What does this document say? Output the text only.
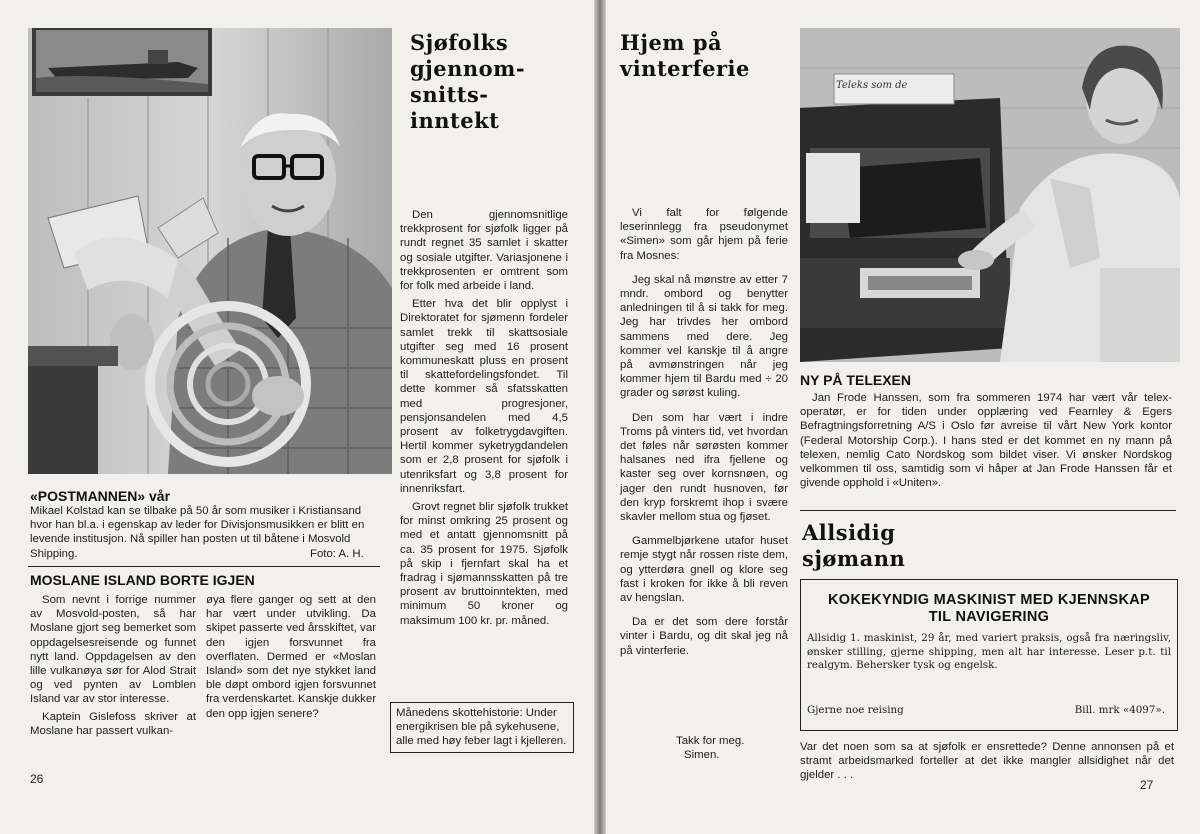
Sjøfolks gjennom-snitts-inntekt

Den gjennomsnitlige trekkprosent for sjøfolk ligger på rundt regnet 35 samlet i skatter og sosiale utgifter. Variasjonene i trekkprosenten er omtrent som for folk med arbeide i land.

Etter hva det blir opplyst i Direktoratet for sjømenn fordeler samlet trekk til skattsosiale utgifter seg med 16 prosent kommuneskatt pluss en prosent til skattefordelingsfondet. Til dette kommer så sfatsskatten med progresjoner, pensjonsandelen med 4,5 prosent av folketrygdavgiften. Hertil kommer syketrygdandelen som er 2,8 prosent for sjøfolk i utenriksfart og 3,8 prosent for innenriksfart.

Grovt regnet blir sjøfolk trukket for minst omkring 25 prosent og med et antatt gjennomsnitt på ca. 35 prosent for 1975. Sjøfolk på skip i fjernfart skal ha et fradrag i sjømannsskatten på tre prosent av bruttoinntekten, med minimum 50 kroner og maksimum 100 kr. pr. måned.

Månedens skottehistorie: Under energikrisen ble på sykehusene, alle med høy feber lagt i kjelleren.
«POSTMANNEN» vår
Mikael Kolstad kan se tilbake på 50 år som musiker i Kristiansand hvor han bl.a. i egenskap av leder for Divisjonsmusikken er blitt en levende institusjon. Nå spiller han posten ut til båtene i Mosvold Shipping.	Foto: A. H.
MOSLANE ISLAND BORTE IGJEN

Som nevnt i forrige nummer av Mosvold-posten, så har Moslane gjort seg bemerket som oppdagelsesreisende og funnet nytt land. Oppdagelsen av den lille vulkanøya sør for Alod Strait og ved pynten av Lomblen Island var av stor interesse.

Kaptein Gislefoss skriver at Moslane har passert vulkan-

øya flere ganger og sett at den har vært under utvikling. Da skipet passerte ved årsskiftet, var den igjen forsvunnet fra overflaten. Dermed er «Moslan Island» som det nye stykket land ble døpt ombord igjen forsvunnet fra verdenskartet. Kanskje dukker den opp igjen senere?
26
Hjem på vinterferie

Vi falt for følgende leserinnlegg fra pseudonymet «Simen» som går hjem på ferie fra Mosnes:

Jeg skal nå mønstre av etter 7 mndr. ombord og benytter anledningen til å si takk for meg. Jeg har trivdes her ombord sammens med dere. Jeg kommer vel kanskje til å angre på avmønstringen når jeg kommer hjem til Bardu med ÷ 20 grader og sørøst kuling.

Den som har vært i indre Troms på vinters tid, vet hvordan det føles når sørøsten kommer halsanes ned ifra fjellene og kaster seg over kornsnøen, og jager den rundt husnoven, før den kryp forskremt ihop i svære skavler mellom stua og fjøset.

Gammelbjørkene utafor huset remje stygt når rossen riste dem, og ytterdøra gnell og klore seg fast i kroken for ikke å bli reven av hengslan.

Da er det som dere forstår vinter i Bardu, og dit skal jeg nå på vinterferie.

Takk for meg.

Simen.

Teleks som de
NY PÅ TELEXEN
Jan Frode Hanssen, som fra sommeren 1974 har vært vår telex-operatør, er for tiden under opplæring ved Fearnley & Egers Befragtningsforretning A/S i Oslo før avreise til vårt New York kontor (Federal Motorship Corp.). I hans sted er det kommet en ny mann på telexen, nemlig Cato Nordskog som bildet viser. Vi ønsker Nordskog velkommen til oss, samtidig som vi håper at Jan Frode Hanssen får et givende opphold i «Uniten».
Allsidig sjømann
KOKEKYNDIG MASKINIST MED KJENNSKAP TIL NAVIGERING
Allsidig 1. maskinist, 29 år, med variert praksis, også fra næringsliv, ønsker stilling, gjerne shipping, men alt har interesse. Leser p.t. til realgym. Behersker tysk og engelsk.
Gjerne noe reising	Bill. mrk «4097».
Var det noen som sa at sjøfolk er ensrettede? Denne annonsen på et stramt arbeidsmarked forteller at det ikke mangler allsidighet når det gjelder . . .
27
